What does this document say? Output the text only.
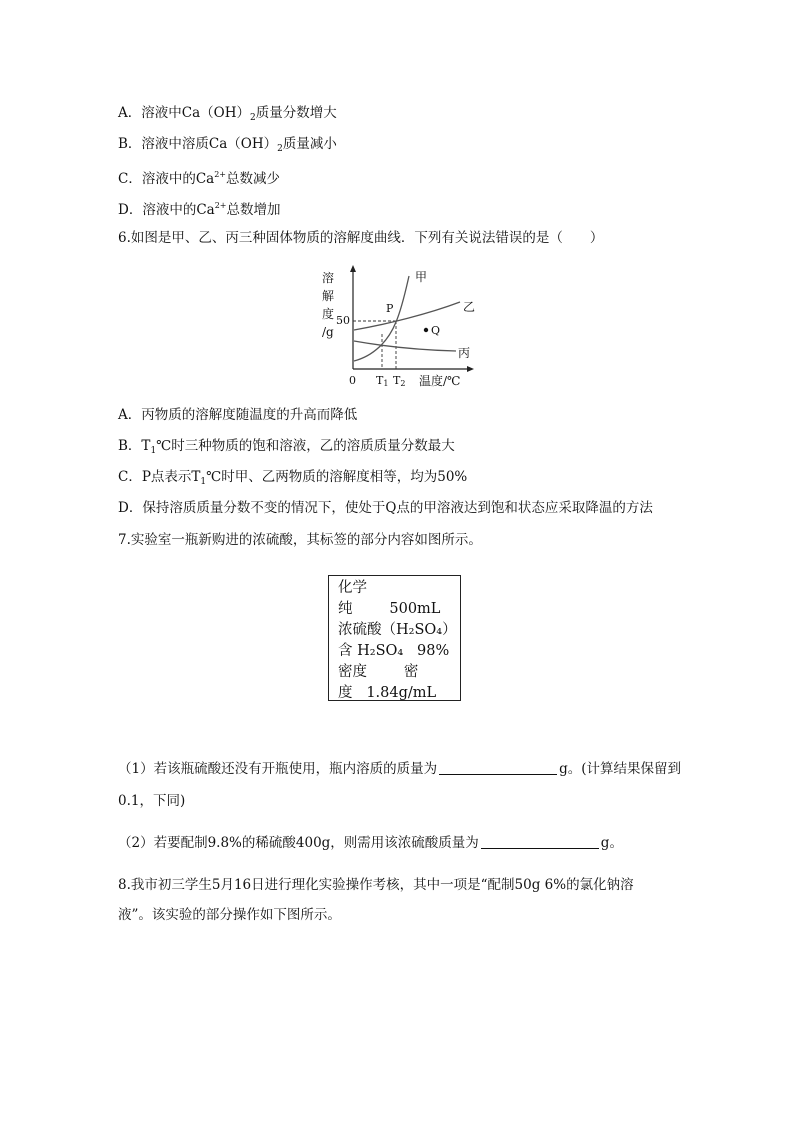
A．溶液中$Ca(OH)_2$质量分数增大
B．溶液中溶质$Ca(OH)_2$质量减小
C．溶液中的$Ca^{2+}$总数减少
D．溶液中的$Ca^{2+}$总数增加
6.如图是甲、乙、丙三种固体物质的溶解度曲线．下列有关说法错误的是（　　）
溶
解
度
/g
50
甲
乙
丙
P
Q
0 T1 T2 温度/℃
A．丙物质的溶解度随温度的升高而降低
B．$T_1℃$时三种物质的饱和溶液，乙的溶质质量分数最大
C．P点表示$T_1℃$时甲、乙两物质的溶解度相等，均为50%
D．保持溶质质量分数不变的情况下，使处于Q点的甲溶液达到饱和状态应采取降温的方法
7.实验室一瓶新购进的浓硫酸，其标签的部分内容如图所示。
化学
纯        500mL
浓硫酸（H₂SO₄）
含 H₂SO₄   98%
密度        密
度   1.84g/mL
（1）若该瓶硫酸还没有开瓶使用，瓶内溶质的质量为	g。(计算结果保留到
0.1，下同)
（2）若要配制9.8%的稀硫酸400g，则需用该浓硫酸质量为	g。
8.我市初三学生5月16日进行理化实验操作考核，其中一项是“配制50g 6%的氯化钠溶
液”。该实验的部分操作如下图所示。
